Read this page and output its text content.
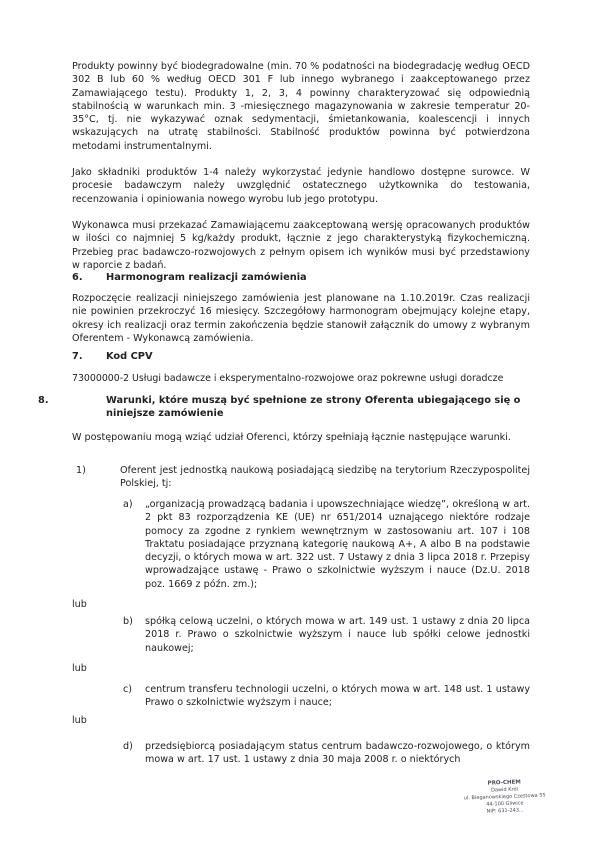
Produkty powinny być biodegradowalne (min. 70 % podatności na biodegradację według OECD 302 B lub 60 % według OECD 301 F lub innego wybranego i zaakceptowanego przez Zamawiającego testu). Produkty 1, 2, 3, 4 powinny charakteryzować się odpowiednią stabilnością w warunkach min. 3 -miesięcznego magazynowania w zakresie temperatur 20-35°C, tj. nie wykazywać oznak sedymentacji, śmietankowania, koalescencji i innych wskazujących na utratę stabilności. Stabilność produktów powinna być potwierdzona metodami instrumentalnymi.

Jako składniki produktów 1-4 należy wykorzystać jedynie handlowo dostępne surowce. W procesie badawczym należy uwzględnić ostatecznego użytkownika do testowania, recenzowania i opiniowania nowego wyrobu lub jego prototypu.

Wykonawca musi przekazać Zamawiającemu zaakceptowaną wersję opracowanych produktów w ilości co najmniej 5 kg/każdy produkt, łącznie z jego charakterystyką fizykochemiczną. Przebieg prac badawczo-rozwojowych z pełnym opisem ich wyników musi być przedstawiony w raporcie z badań.

6. Harmonogram realizacji zamówienia

Rozpoczęcie realizacji niniejszego zamówienia jest planowane na 1.10.2019r. Czas realizacji nie powinien przekroczyć 16 miesięcy. Szczegółowy harmonogram obejmujący kolejne etapy, okresy ich realizacji oraz termin zakończenia będzie stanowił załącznik do umowy z wybranym Oferentem - Wykonawcą zamówienia.

7. Kod CPV

73000000-2 Usługi badawcze i eksperymentalno-rozwojowe oraz pokrewne usługi doradcze

8.	Warunki, które muszą być spełnione ze strony Oferenta ubiegającego się o niniejsze zamówienie

W postępowaniu mogą wziąć udział Oferenci, którzy spełniają łącznie następujące warunki.

1)	Oferent jest jednostką naukową posiadającą siedzibę na terytorium Rzeczypospolitej Polskiej, tj:

a)	„organizacją prowadzącą badania i upowszechniające wiedzę”, określoną w art. 2 pkt 83 rozporządzenia KE (UE) nr 651/2014 uznającego niektóre rodzaje pomocy za zgodne z rynkiem wewnętrznym w zastosowaniu art. 107 i 108 Traktatu posiadające przyznaną kategorię naukową A+, A albo B na podstawie decyzji, o których mowa w art. 322 ust. 7 Ustawy z dnia 3 lipca 2018 r. Przepisy wprowadzające ustawę - Prawo o szkolnictwie wyższym i nauce (Dz.U. 2018 poz. 1669 z późn. zm.);

lub

b)	spółką celową uczelni, o których mowa w art. 149 ust. 1 ustawy z dnia 20 lipca 2018 r. Prawo o szkolnictwie wyższym i nauce lub spółki celowe jednostki naukowej;

lub

c)	centrum transferu technologii uczelni, o których mowa w art. 148 ust. 1 ustawy Prawo o szkolnictwie wyższym i nauce;

lub

d)	przedsiębiorcą posiadającym status centrum badawczo-rozwojowego, o którym mowa w art. 17 ust. 1 ustawy z dnia 30 maja 2008 r. o niektórych
PRO-CHEM
Dawid Król
ul. Bieganowskiego Czestowa 55
44-100 Gliwice
NIP: 631-243...
